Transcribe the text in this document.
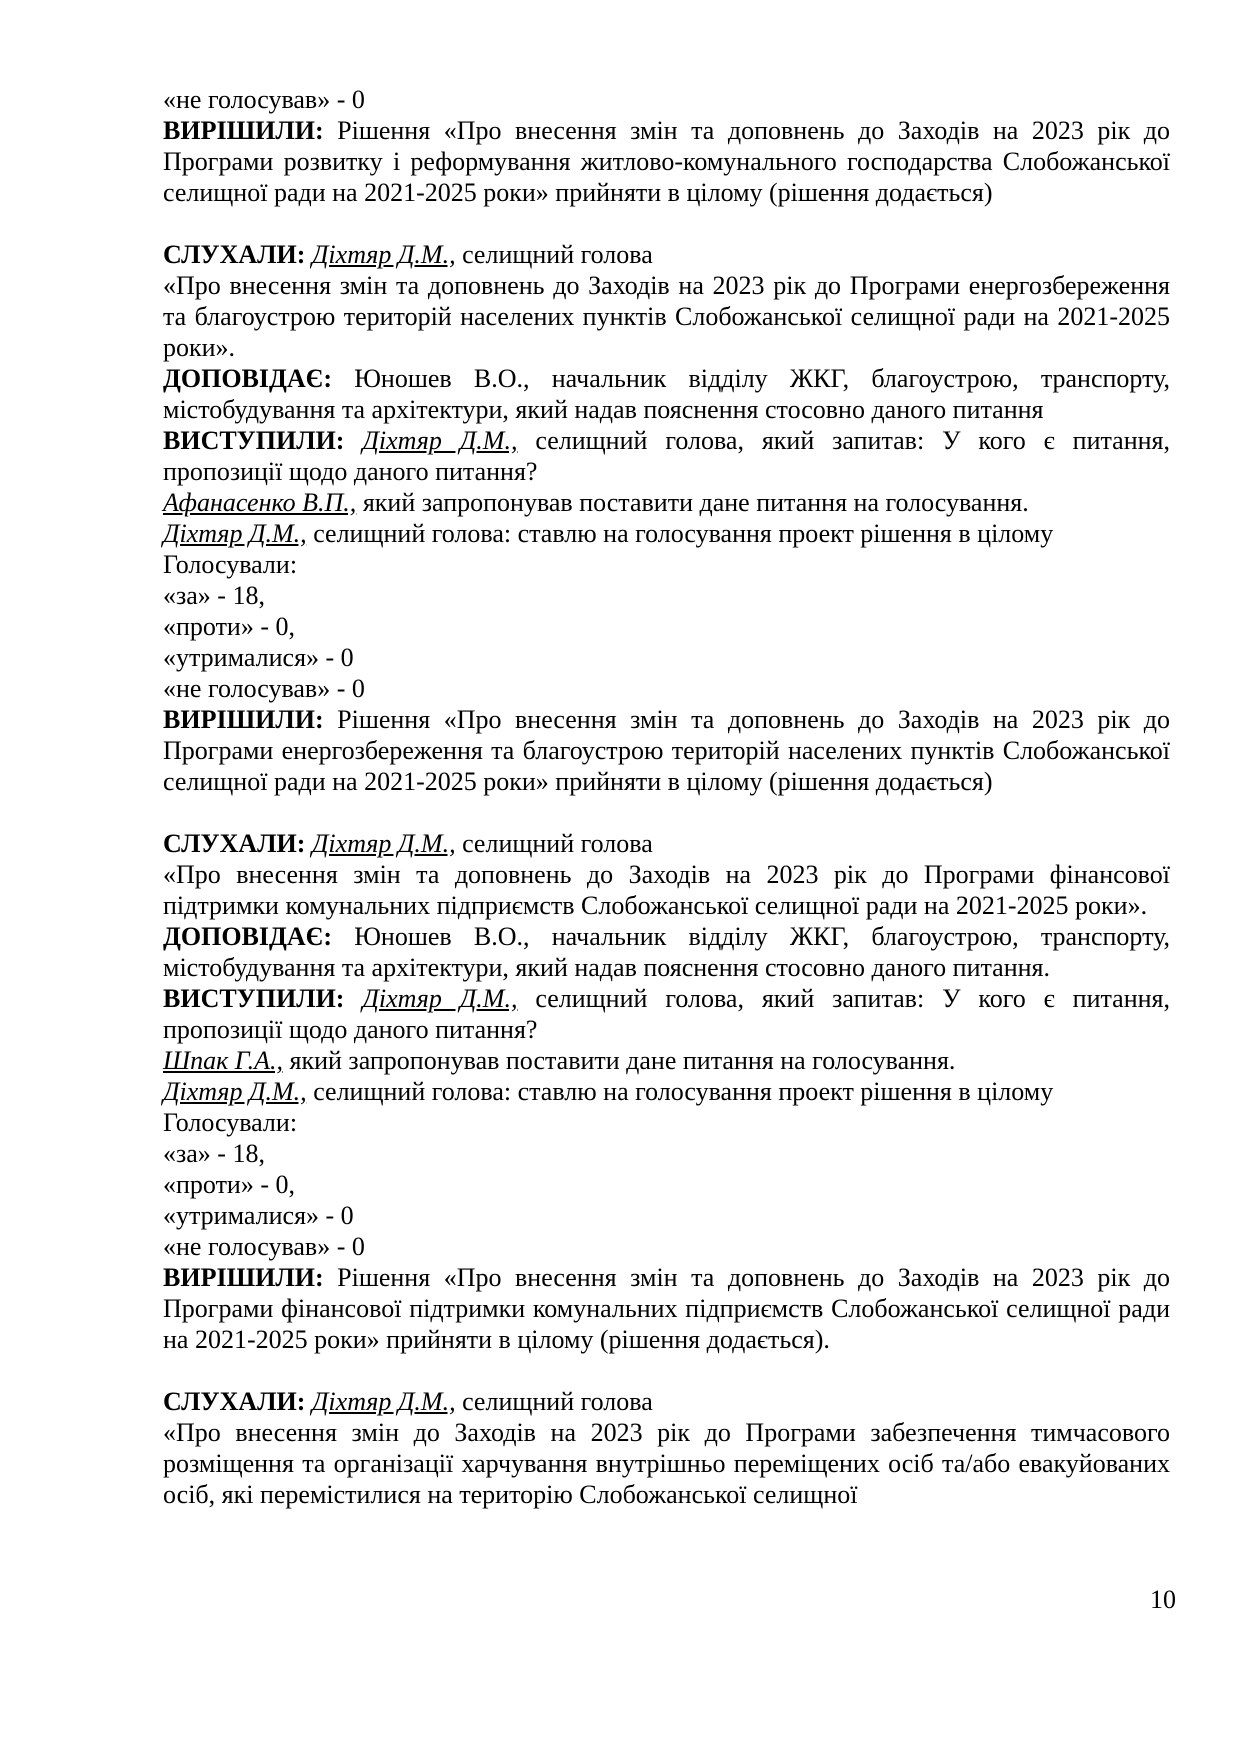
«не голосував» - 0

ВИРІШИЛИ: Рішення «Про внесення змін та доповнень до Заходів на 2023 рік до Програми розвитку і реформування житлово-комунального господарства Слобожанської селищної ради на 2021-2025 роки» прийняти в цілому (рішення додається)

СЛУХАЛИ: Діхтяр Д.М., селищний голова

«Про внесення змін та доповнень до Заходів на 2023 рік до Програми енергозбереження та благоустрою територій населених пунктів Слобожанської селищної ради на 2021-2025 роки».

ДОПОВІДАЄ: Юношев В.О., начальник відділу ЖКГ, благоустрою, транспорту, містобудування та архітектури, який надав пояснення стосовно даного питання

ВИСТУПИЛИ: Діхтяр Д.М., селищний голова, який запитав: У кого є питання, пропозиції щодо даного питання?

Афанасенко В.П., який запропонував поставити дане питання на голосування.

Діхтяр Д.М., селищний голова: ставлю на голосування проект рішення в цілому

Голосували:

«за» - 18,

«проти» - 0,

«утрималися» - 0

«не голосував» - 0

ВИРІШИЛИ: Рішення «Про внесення змін та доповнень до Заходів на 2023 рік до Програми енергозбереження та благоустрою територій населених пунктів Слобожанської селищної ради на 2021-2025 роки» прийняти в цілому (рішення додається)

СЛУХАЛИ: Діхтяр Д.М., селищний голова

«Про внесення змін та доповнень до Заходів на 2023 рік до Програми фінансової підтримки комунальних підприємств Слобожанської селищної ради на 2021-2025 роки».

ДОПОВІДАЄ: Юношев В.О., начальник відділу ЖКГ, благоустрою, транспорту, містобудування та архітектури, який надав пояснення стосовно даного питання.

ВИСТУПИЛИ: Діхтяр Д.М., селищний голова, який запитав: У кого є питання, пропозиції щодо даного питання?

Шпак Г.А., який запропонував поставити дане питання на голосування.

Діхтяр Д.М., селищний голова: ставлю на голосування проект рішення в цілому

Голосували:

«за» - 18,

«проти» - 0,

«утрималися» - 0

«не голосував» - 0

ВИРІШИЛИ: Рішення «Про внесення змін та доповнень до Заходів на 2023 рік до Програми фінансової підтримки комунальних підприємств Слобожанської селищної ради на 2021-2025 роки» прийняти в цілому (рішення додається).

СЛУХАЛИ: Діхтяр Д.М., селищний голова

«Про внесення змін до Заходів на 2023 рік до Програми забезпечення тимчасового розміщення та організації харчування внутрішньо переміщених осіб та/або евакуйованих осіб, які перемістилися на територію Слобожанської селищної

10
